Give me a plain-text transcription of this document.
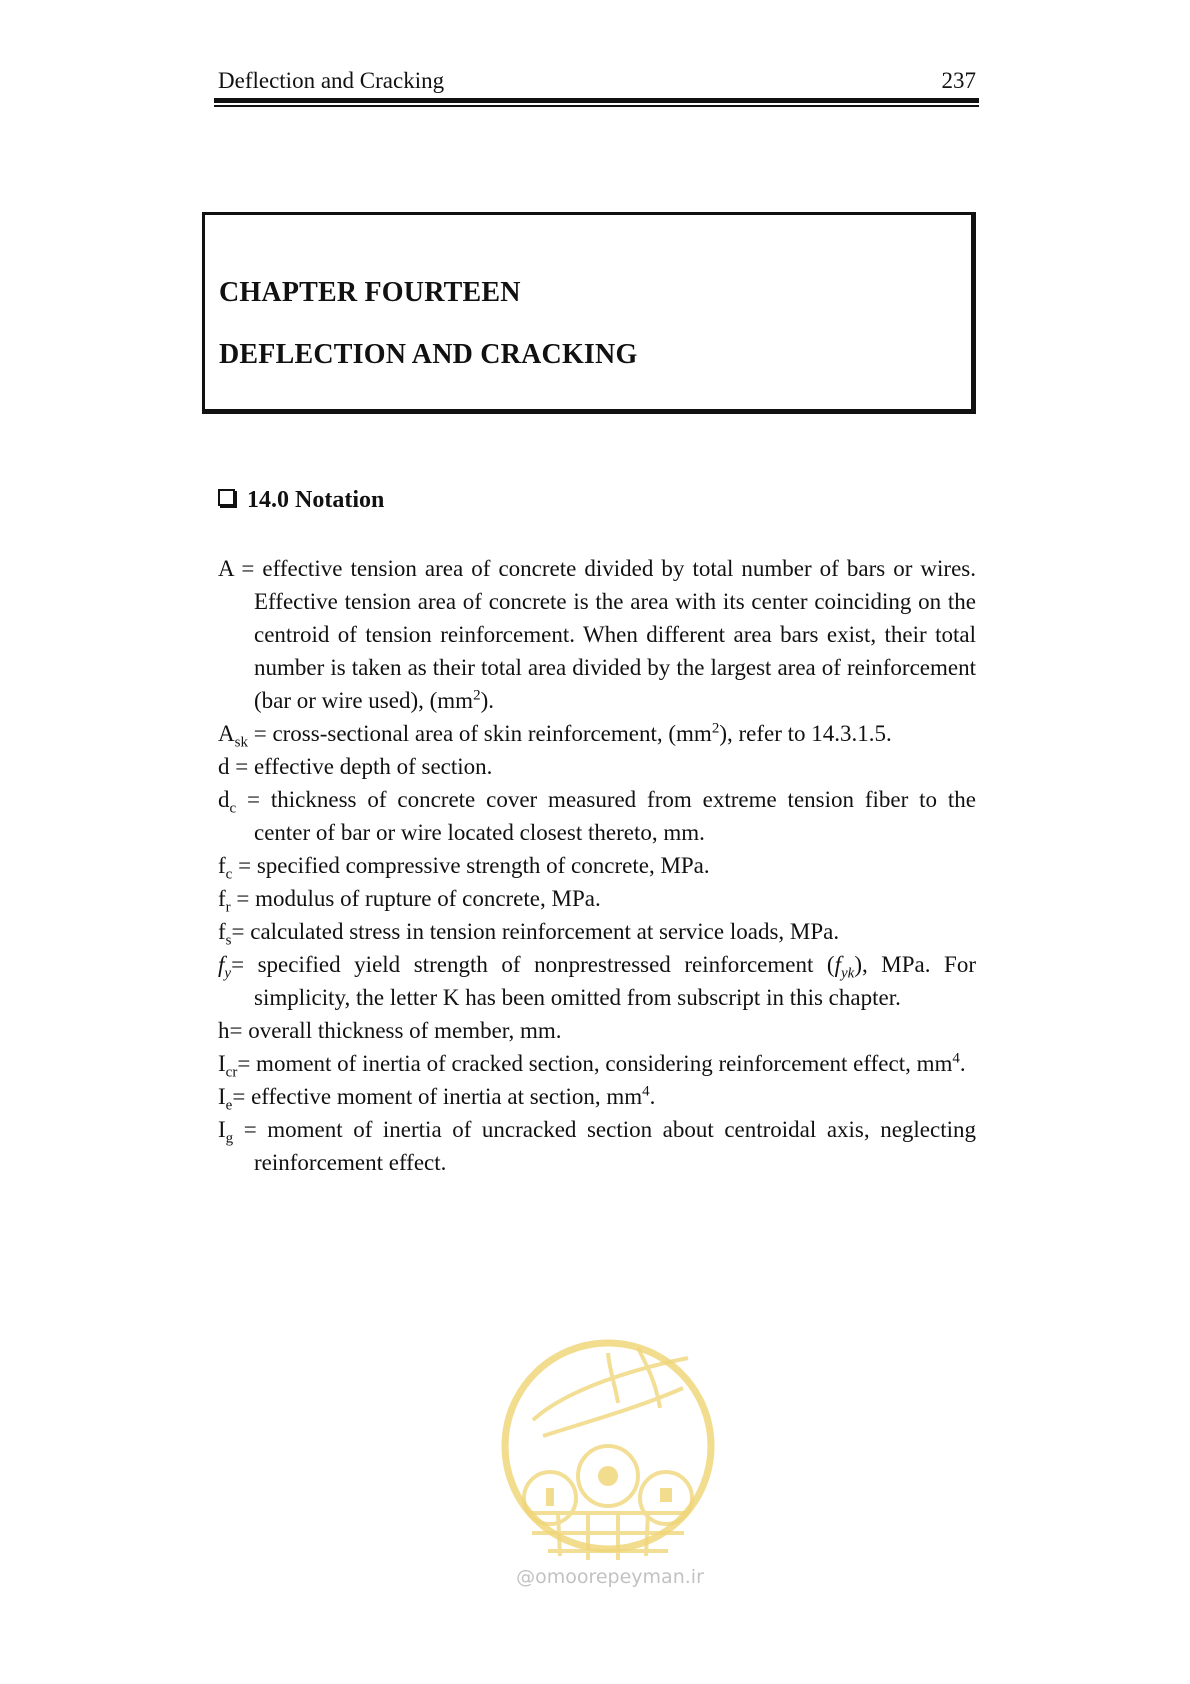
Deflection and Cracking	237
CHAPTER FOURTEEN
DEFLECTION AND CRACKING
14.0 Notation

A = effective tension area of concrete divided by total number of bars or wires. Effective tension area of concrete is the area with its center coinciding on the centroid of tension reinforcement. When different area bars exist, their total number is taken as their total area divided by the largest area of reinforcement (bar or wire used), $(mm^2)$.

$A_{sk}$ = cross-sectional area of skin reinforcement, $(mm^2)$, refer to 14.3.1.5.

d = effective depth of section.

$d_c$ = thickness of concrete cover measured from extreme tension fiber to the center of bar or wire located closest thereto, mm.

$f_c$ = specified compressive strength of concrete, MPa.

$f_r$ = modulus of rupture of concrete, MPa.

$f_s=$ calculated stress in tension reinforcement at service loads, MPa.

$f_y=$ specified yield strength of nonprestressed reinforcement $(f_{yk})$, MPa. For simplicity, the letter K has been omitted from subscript in this chapter.

h= overall thickness of member, mm.

$I_{cr}=$ moment of inertia of cracked section, considering reinforcement effect, $mm^4$.

$I_e=$ effective moment of inertia at section, $mm^4$.

$I_g$ = moment of inertia of uncracked section about centroidal axis, neglecting reinforcement effect.

@omoorepeyman.ir
